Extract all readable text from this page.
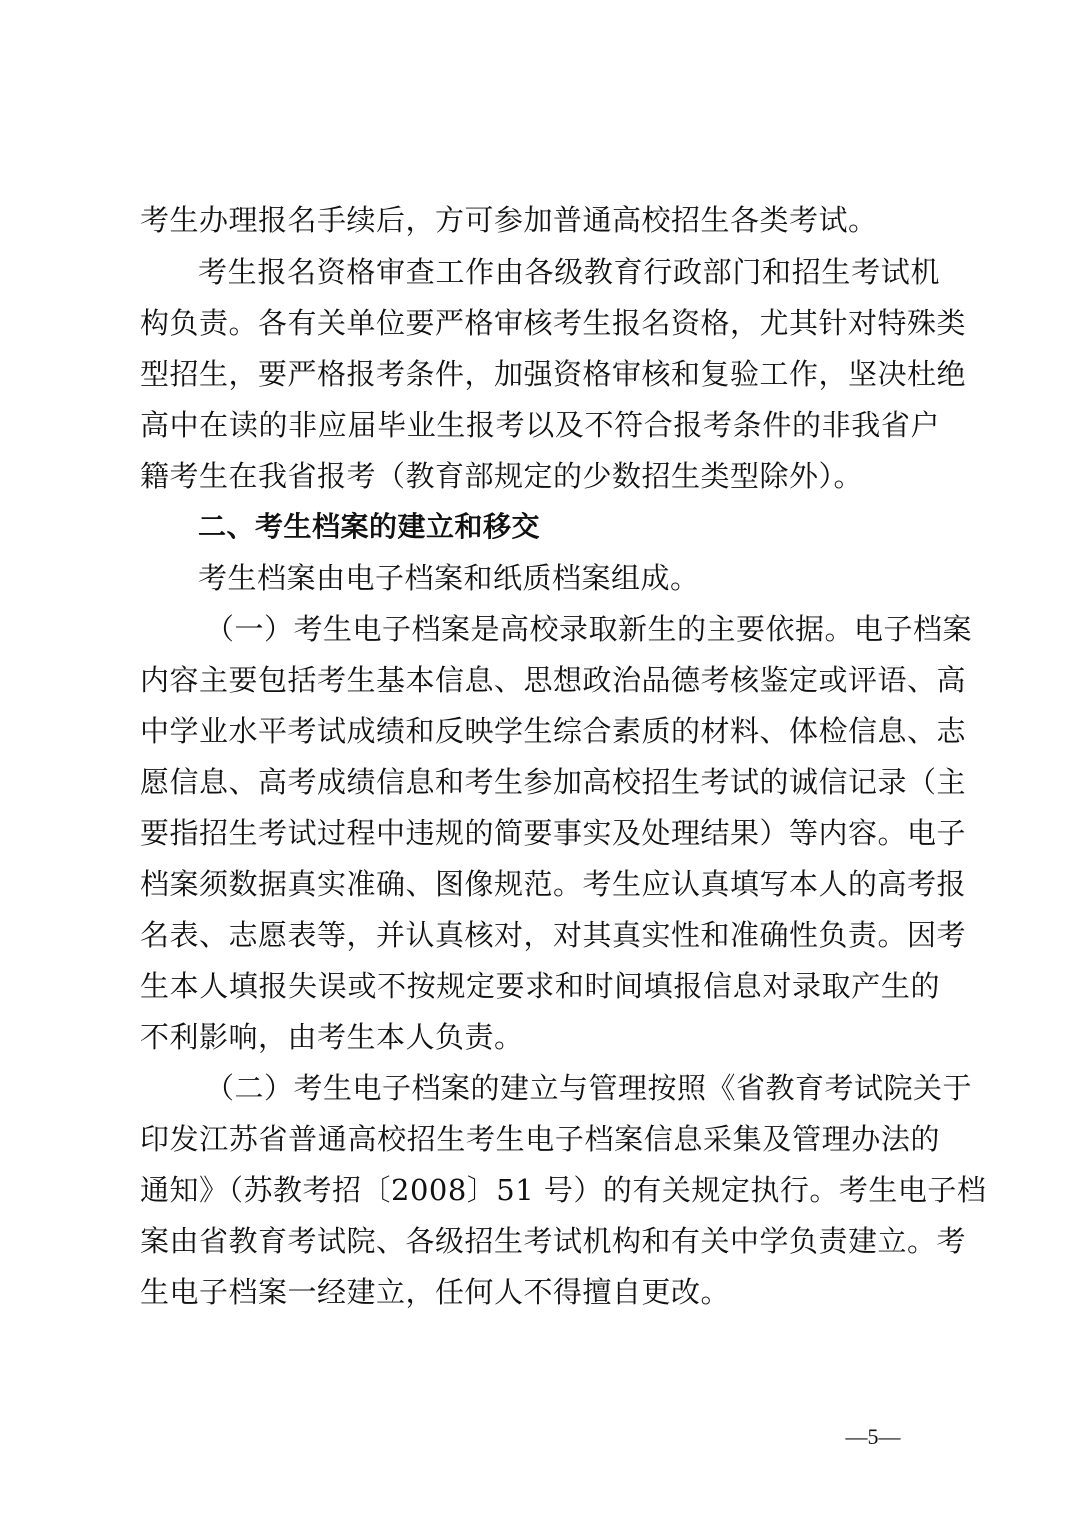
考生办理报名手续后，方可参加普通高校招生各类考试。
考生报名资格审查工作由各级教育行政部门和招生考试机
构负责。各有关单位要严格审核考生报名资格，尤其针对特殊类
型招生，要严格报考条件，加强资格审核和复验工作，坚决杜绝
高中在读的非应届毕业生报考以及不符合报考条件的非我省户
籍考生在我省报考（教育部规定的少数招生类型除外）。
二、考生档案的建立和移交
考生档案由电子档案和纸质档案组成。
（一）考生电子档案是高校录取新生的主要依据。电子档案
内容主要包括考生基本信息、思想政治品德考核鉴定或评语、高
中学业水平考试成绩和反映学生综合素质的材料、体检信息、志
愿信息、高考成绩信息和考生参加高校招生考试的诚信记录（主
要指招生考试过程中违规的简要事实及处理结果）等内容。电子
档案须数据真实准确、图像规范。考生应认真填写本人的高考报
名表、志愿表等，并认真核对，对其真实性和准确性负责。因考
生本人填报失误或不按规定要求和时间填报信息对录取产生的
不利影响，由考生本人负责。
（二）考生电子档案的建立与管理按照《省教育考试院关于
印发江苏省普通高校招生考生电子档案信息采集及管理办法的
通知》（苏教考招〔2008〕51 号）的有关规定执行。考生电子档
案由省教育考试院、各级招生考试机构和有关中学负责建立。考
生电子档案一经建立，任何人不得擅自更改。
—5—
